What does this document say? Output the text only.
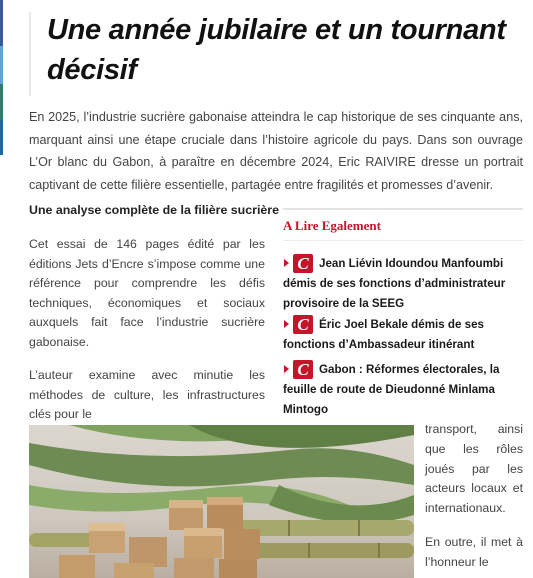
Une année jubilaire et un tournant décisif

En 2025, l’industrie sucrière gabonaise atteindra le cap historique de ses cinquante ans, marquant ainsi une étape cruciale dans l’histoire agricole du pays. Dans son ouvrage L’Or blanc du Gabon, à paraître en décembre 2024, Eric RAIVIRE dresse un portrait captivant de cette filière essentielle, partagée entre fragilités et promesses d’avenir.

Une analyse complète de la filière sucrière

Cet essai de 146 pages édité par les éditions Jets d’Encre s’impose comme une référence pour comprendre les défis techniques, économiques et sociaux auxquels fait face l’industrie sucrière gabonaise.

L’auteur examine avec minutie les méthodes de culture, les infrastructures clés pour le

A Lire Egalement
C Jean Liévin Idoundou Manfoumbi démis de ses fonctions d’administrateur provisoire de la SEEG
C Éric Joel Bekale démis de ses fonctions d’Ambassadeur itinérant
C Gabon : Réformes électorales, la feuille de route de Dieudonné Minlama Mintogo

transport, ainsi que les rôles joués par les acteurs locaux et internationaux.

En outre, il met à l’honneur le
